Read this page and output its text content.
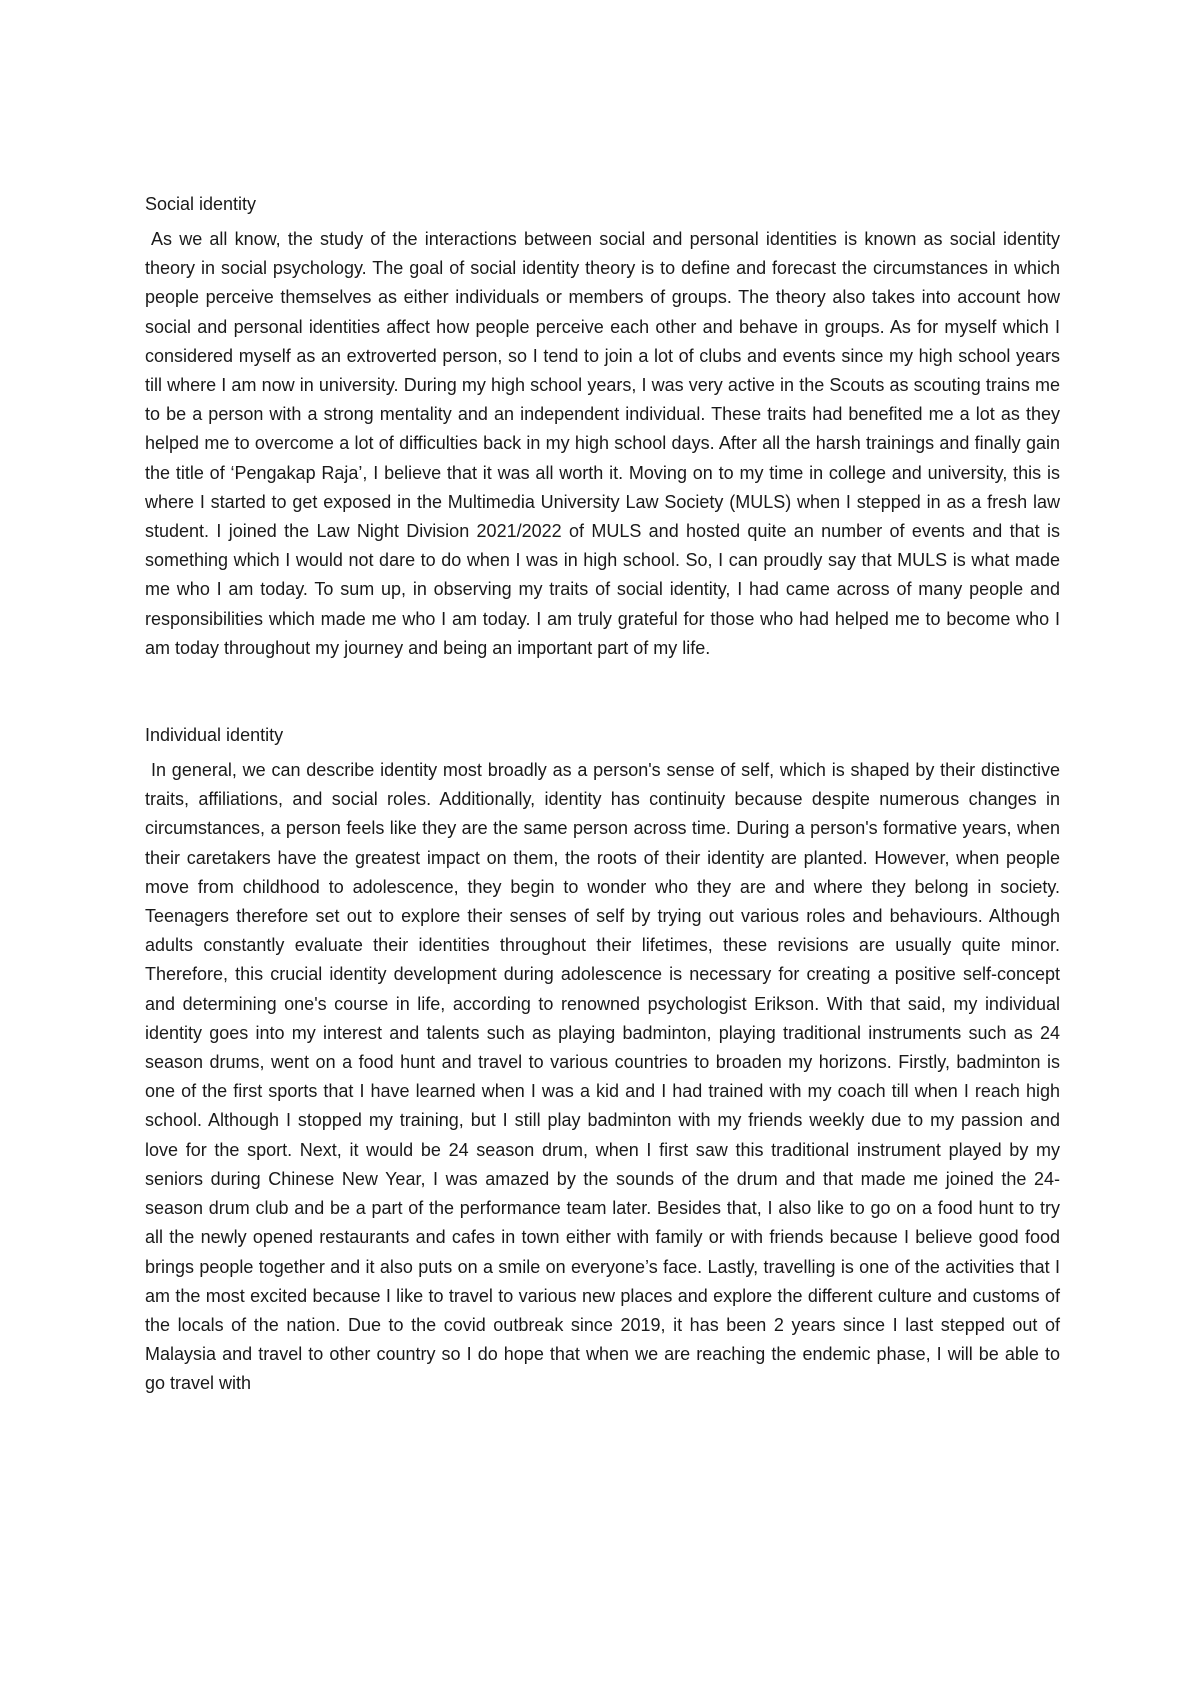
Social identity

As we all know, the study of the interactions between social and personal identities is known as social identity theory in social psychology. The goal of social identity theory is to define and forecast the circumstances in which people perceive themselves as either individuals or members of groups. The theory also takes into account how social and personal identities affect how people perceive each other and behave in groups. As for myself which I considered myself as an extroverted person, so I tend to join a lot of clubs and events since my high school years till where I am now in university. During my high school years, I was very active in the Scouts as scouting trains me to be a person with a strong mentality and an independent individual. These traits had benefited me a lot as they helped me to overcome a lot of difficulties back in my high school days. After all the harsh trainings and finally gain the title of ‘Pengakap Raja’, I believe that it was all worth it. Moving on to my time in college and university, this is where I started to get exposed in the Multimedia University Law Society (MULS) when I stepped in as a fresh law student. I joined the Law Night Division 2021/2022 of MULS and hosted quite an number of events and that is something which I would not dare to do when I was in high school. So, I can proudly say that MULS is what made me who I am today. To sum up, in observing my traits of social identity, I had came across of many people and responsibilities which made me who I am today. I am truly grateful for those who had helped me to become who I am today throughout my journey and being an important part of my life.

Individual identity

In general, we can describe identity most broadly as a person's sense of self, which is shaped by their distinctive traits, affiliations, and social roles. Additionally, identity has continuity because despite numerous changes in circumstances, a person feels like they are the same person across time. During a person's formative years, when their caretakers have the greatest impact on them, the roots of their identity are planted. However, when people move from childhood to adolescence, they begin to wonder who they are and where they belong in society. Teenagers therefore set out to explore their senses of self by trying out various roles and behaviours. Although adults constantly evaluate their identities throughout their lifetimes, these revisions are usually quite minor. Therefore, this crucial identity development during adolescence is necessary for creating a positive self-concept and determining one's course in life, according to renowned psychologist Erikson. With that said, my individual identity goes into my interest and talents such as playing badminton, playing traditional instruments such as 24 season drums, went on a food hunt and travel to various countries to broaden my horizons. Firstly, badminton is one of the first sports that I have learned when I was a kid and I had trained with my coach till when I reach high school. Although I stopped my training, but I still play badminton with my friends weekly due to my passion and love for the sport. Next, it would be 24 season drum, when I first saw this traditional instrument played by my seniors during Chinese New Year, I was amazed by the sounds of the drum and that made me joined the 24-season drum club and be a part of the performance team later. Besides that, I also like to go on a food hunt to try all the newly opened restaurants and cafes in town either with family or with friends because I believe good food brings people together and it also puts on a smile on everyone’s face. Lastly, travelling is one of the activities that I am the most excited because I like to travel to various new places and explore the different culture and customs of the locals of the nation. Due to the covid outbreak since 2019, it has been 2 years since I last stepped out of Malaysia and travel to other country so I do hope that when we are reaching the endemic phase, I will be able to go travel with
